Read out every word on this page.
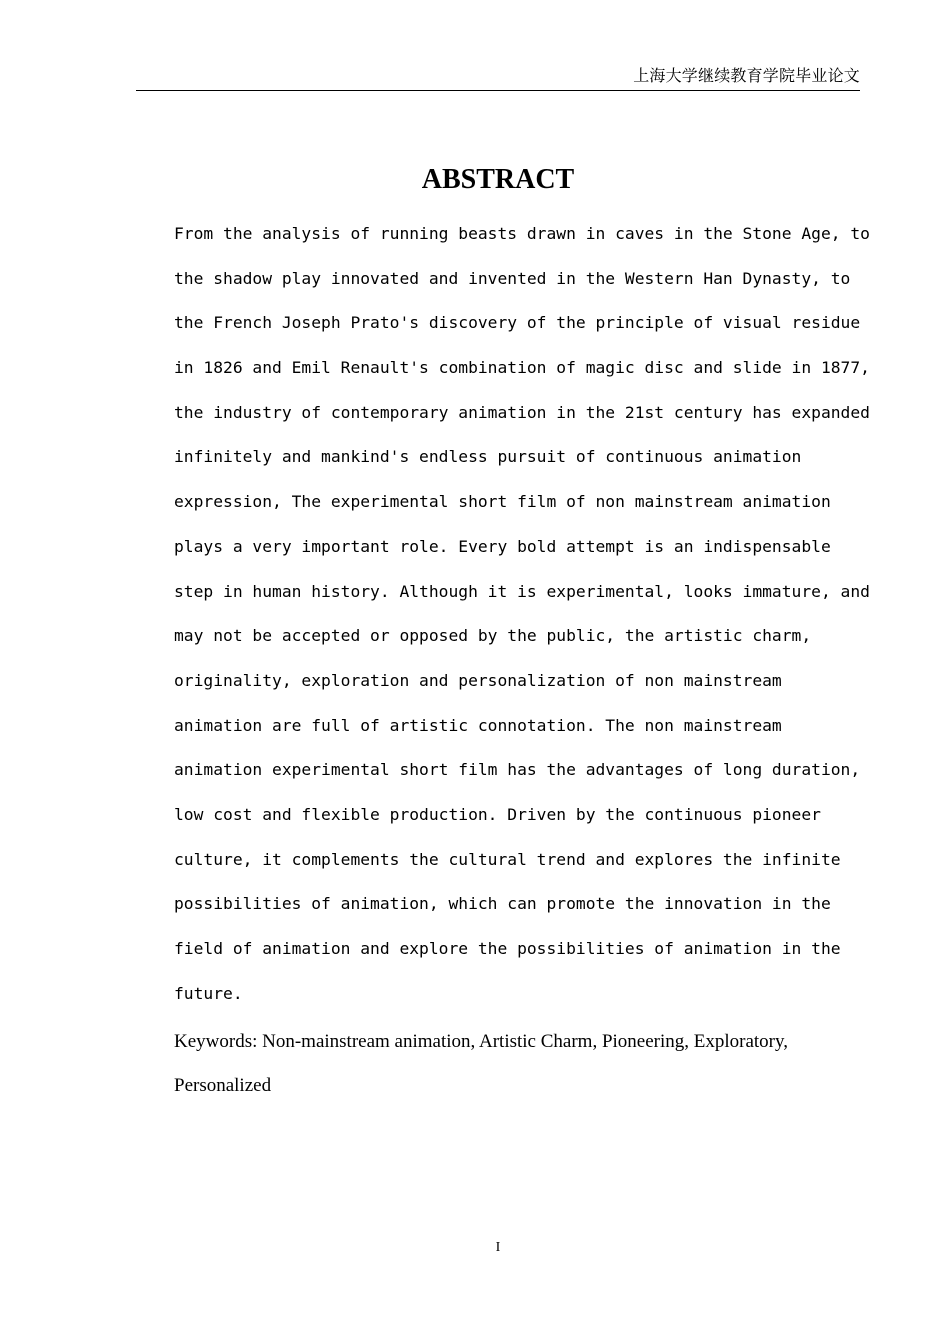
上海大学继续教育学院毕业论文
ABSTRACT
From the analysis of running beasts drawn in caves in the Stone Age, to
the shadow play innovated and invented in the Western Han Dynasty, to
the French Joseph Prato's discovery of the principle of visual residue
in 1826 and Emil Renault's combination of magic disc and slide in 1877,
the industry of contemporary animation in the 21st century has expanded
infinitely and mankind's endless pursuit of continuous animation
expression, The experimental short film of non mainstream animation
plays a very important role. Every bold attempt is an indispensable
step in human history. Although it is experimental, looks immature, and
may not be accepted or opposed by the public, the artistic charm,
originality, exploration and personalization of non mainstream
animation are full of artistic connotation. The non mainstream
animation experimental short film has the advantages of long duration,
low cost and flexible production. Driven by the continuous pioneer
culture, it complements the cultural trend and explores the infinite
possibilities of animation, which can promote the innovation in the
field of animation and explore the possibilities of animation in the
future.
Keywords: Non-mainstream animation, Artistic Charm, Pioneering, Exploratory,
Personalized
I
